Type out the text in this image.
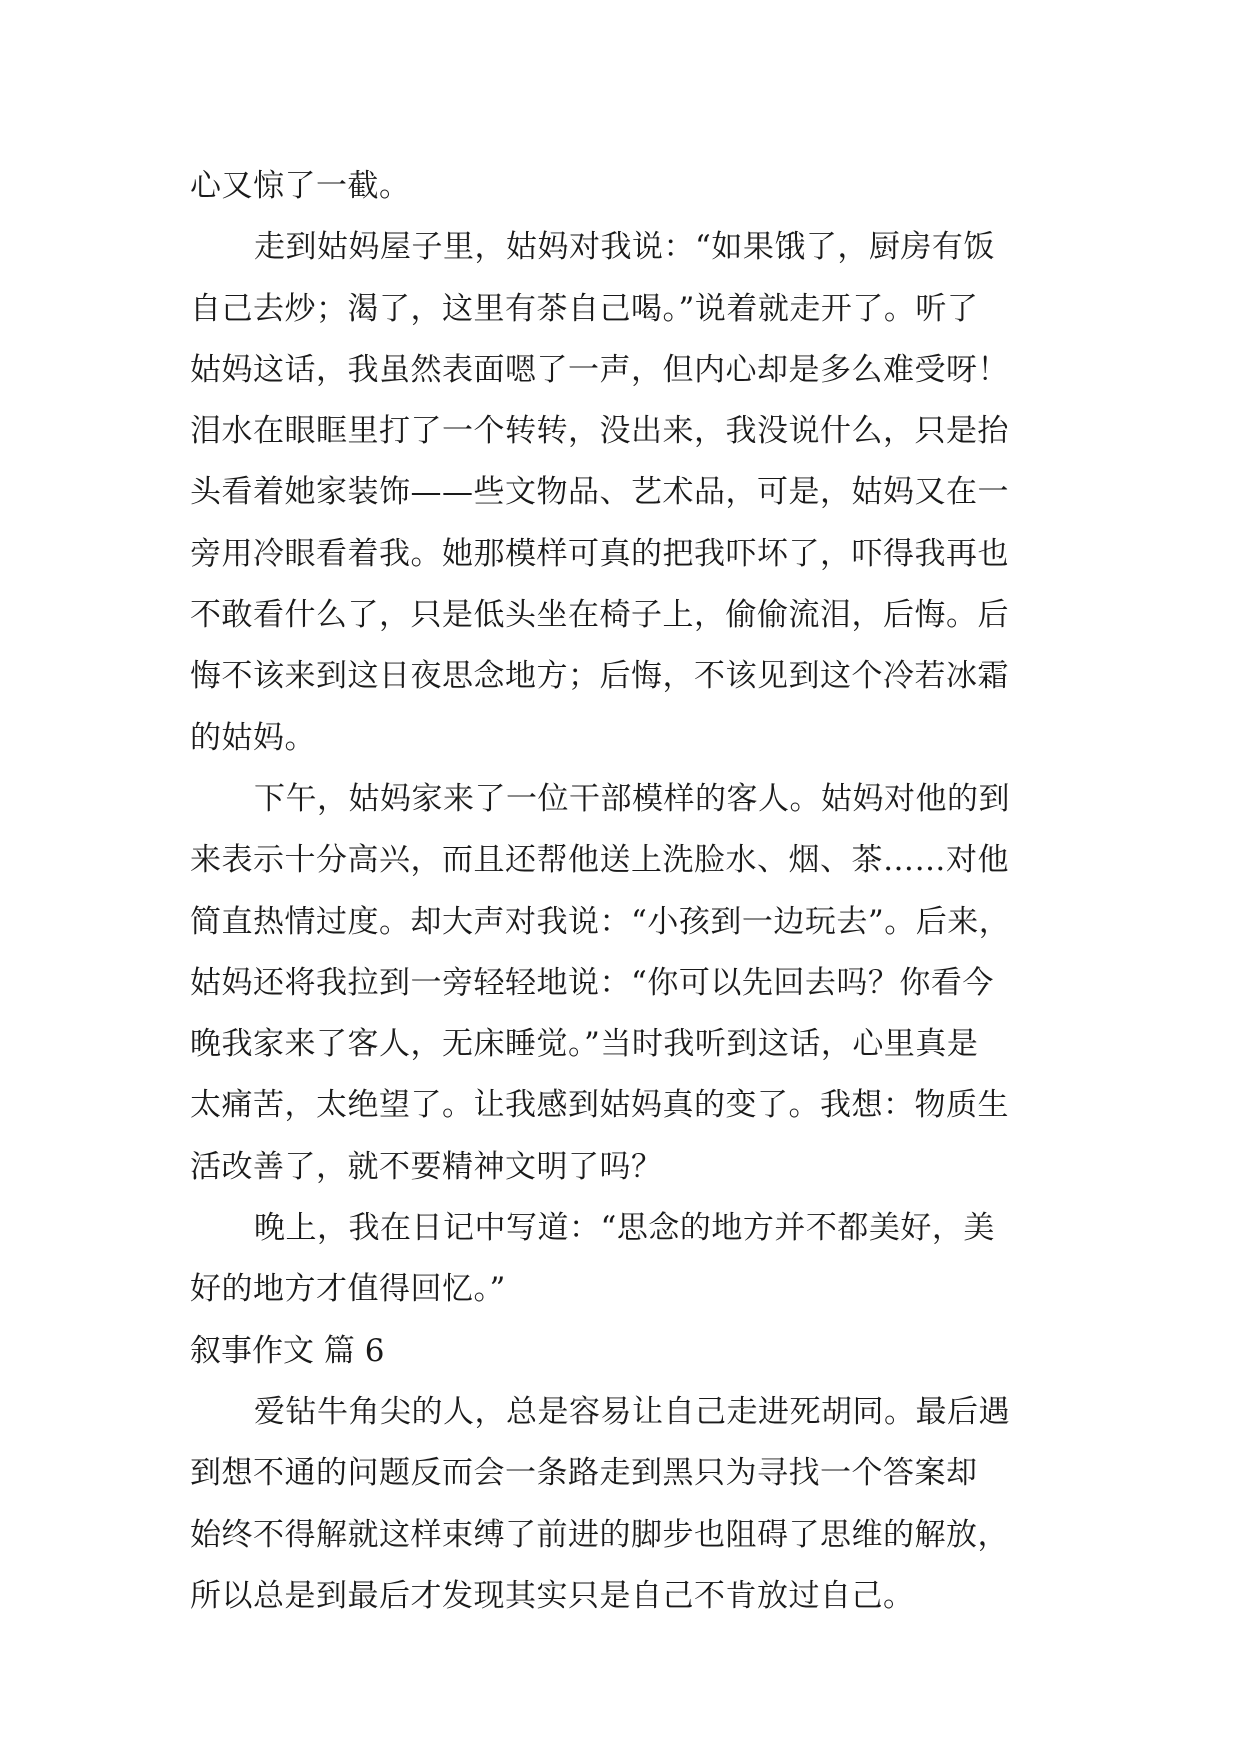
心又惊了一截。
走到姑妈屋子里，姑妈对我说：“如果饿了，厨房有饭
自己去炒；渴了，这里有茶自己喝。”说着就走开了。听了
姑妈这话，我虽然表面嗯了一声，但内心却是多么难受呀！
泪水在眼眶里打了一个转转，没出来，我没说什么，只是抬
头看着她家装饰——些文物品、艺术品，可是，姑妈又在一
旁用冷眼看着我。她那模样可真的把我吓坏了，吓得我再也
不敢看什么了，只是低头坐在椅子上，偷偷流泪，后悔。后
悔不该来到这日夜思念地方；后悔，不该见到这个冷若冰霜
的姑妈。
下午，姑妈家来了一位干部模样的客人。姑妈对他的到
来表示十分高兴，而且还帮他送上洗脸水、烟、茶……对他
简直热情过度。却大声对我说：“小孩到一边玩去”。后来，
姑妈还将我拉到一旁轻轻地说：“你可以先回去吗？你看今
晚我家来了客人，无床睡觉。”当时我听到这话，心里真是
太痛苦，太绝望了。让我感到姑妈真的变了。我想：物质生
活改善了，就不要精神文明了吗？
晚上，我在日记中写道：“思念的地方并不都美好，美
好的地方才值得回忆。”
叙事作文 篇 6
爱钻牛角尖的人，总是容易让自己走进死胡同。最后遇
到想不通的问题反而会一条路走到黑只为寻找一个答案却
始终不得解就这样束缚了前进的脚步也阻碍了思维的解放，
所以总是到最后才发现其实只是自己不肯放过自己。
